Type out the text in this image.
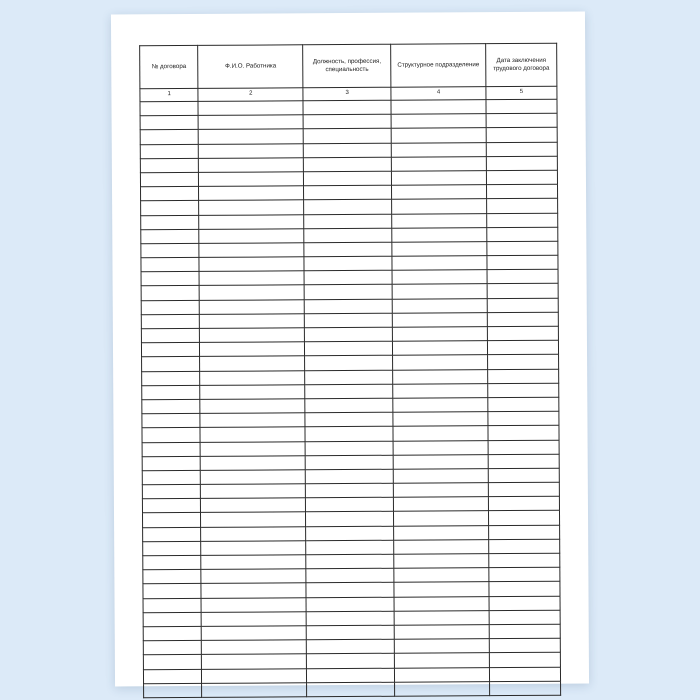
№ договора	Ф.И.О. Работника	Должность, профессия, специальность	Структурное подразделение	Дата заключения трудового договора
1	2	3	4	5
